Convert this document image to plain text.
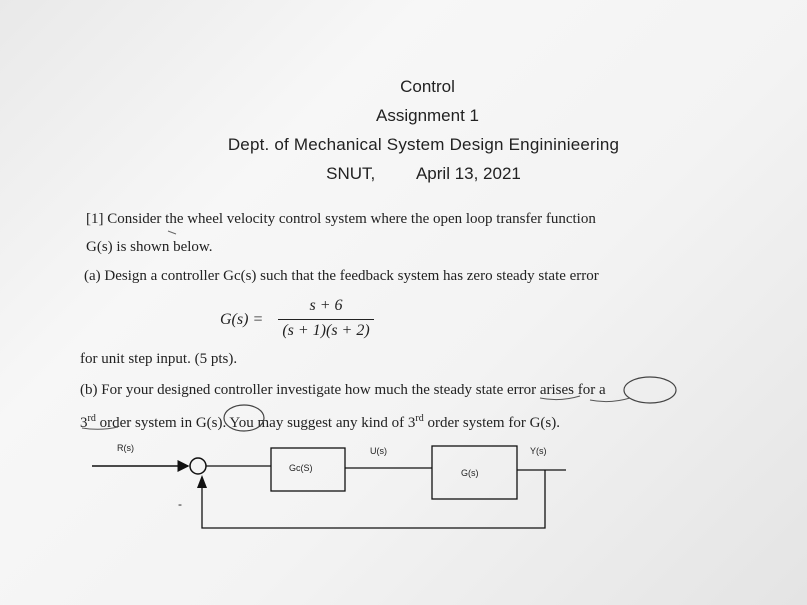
Control
Assignment 1
Dept. of Mechanical System Design Engininieering
SNUT, April 13, 2021
[1] Consider the wheel velocity control system where the open loop transfer function
G(s) is shown below.
(a) Design a controller Gc(s) such that the feedback system has zero steady state error
G(s) =
s + 6
(s + 1)(s + 2)
for unit step input. (5 pts).
(b) For your designed controller investigate how much the steady state error arises for a
3rd order system in G(s). You may suggest any kind of 3rd order system for G(s).
R(s)
Gc(S)
U(s)
G(s)
Y(s)
-
